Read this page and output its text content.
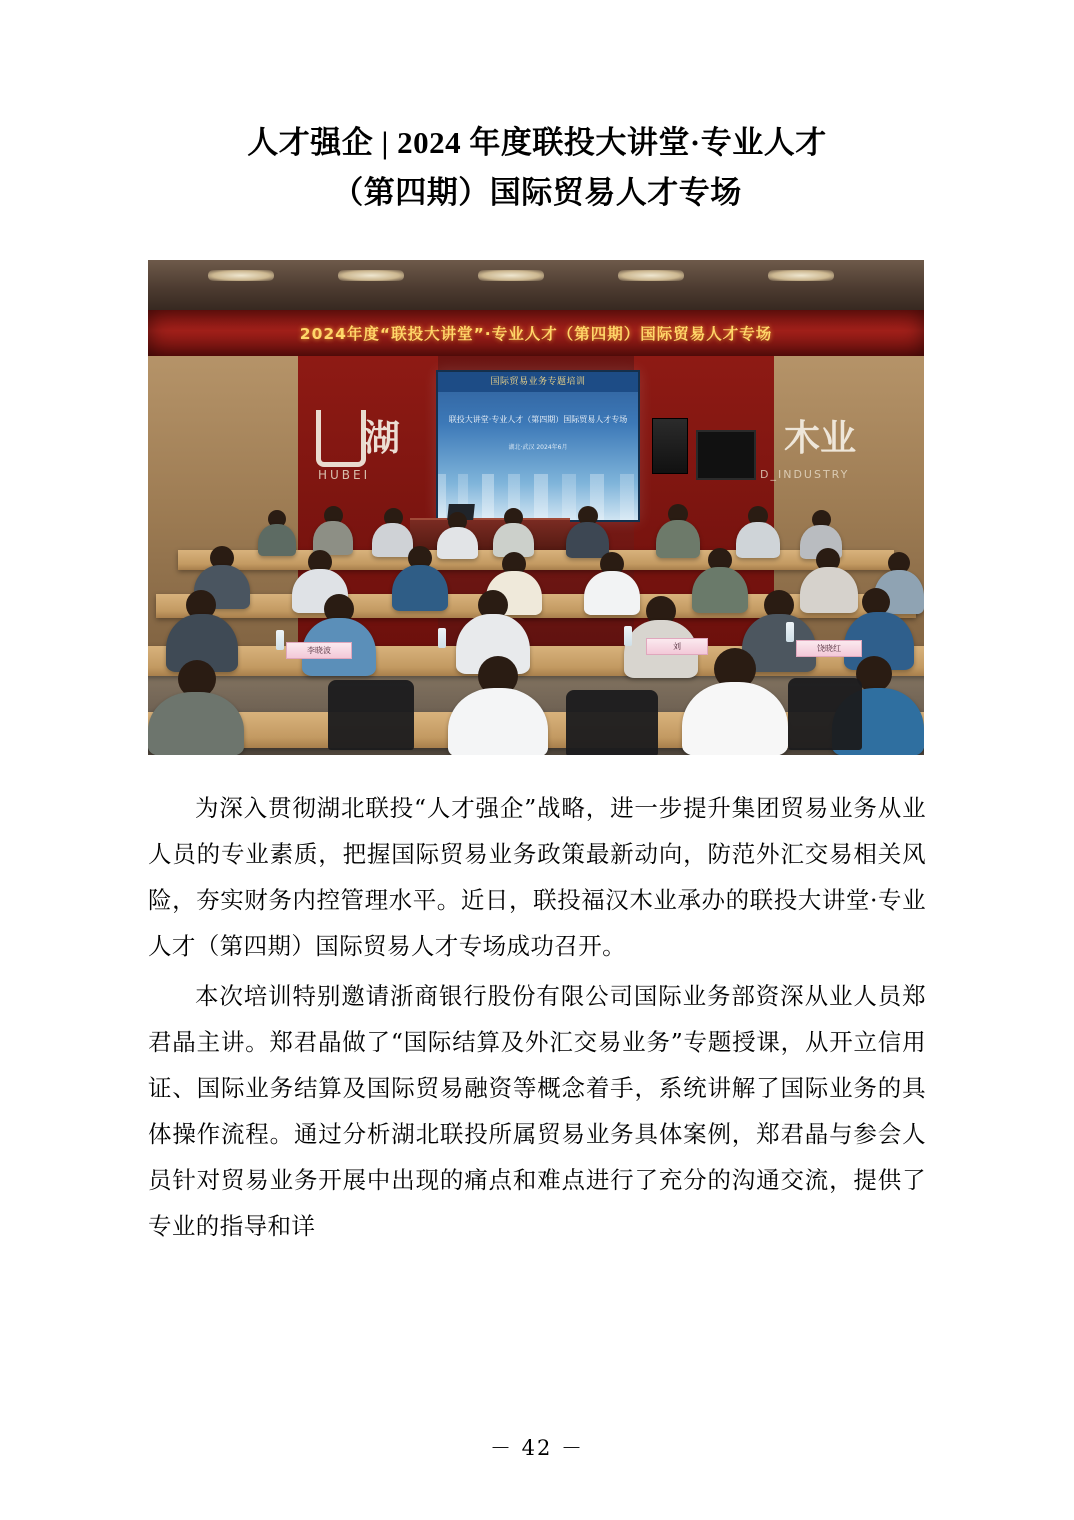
人才强企 | 2024 年度联投大讲堂·专业人才
（第四期）国际贸易人才专场
2024年度“联投大讲堂”·专业人才（第四期）国际贸易人才专场
湖
HUBEI
木业
D_INDUSTRY
国际贸易业务专题培训
联投大讲堂·专业人才（第四期）国际贸易人才专场
湖北·武汉 2024年6月
李晓波	刘	饶晓红

为深入贯彻湖北联投“人才强企”战略，进一步提升集团贸易业务从业人员的专业素质，把握国际贸易业务政策最新动向，防范外汇交易相关风险，夯实财务内控管理水平。近日，联投福汉木业承办的联投大讲堂·专业人才（第四期）国际贸易人才专场成功召开。

本次培训特别邀请浙商银行股份有限公司国际业务部资深从业人员郑君晶主讲。郑君晶做了“国际结算及外汇交易业务”专题授课，从开立信用证、国际业务结算及国际贸易融资等概念着手，系统讲解了国际业务的具体操作流程。通过分析湖北联投所属贸易业务具体案例，郑君晶与参会人员针对贸易业务开展中出现的痛点和难点进行了充分的沟通交流，提供了专业的指导和详

－ 42 －
